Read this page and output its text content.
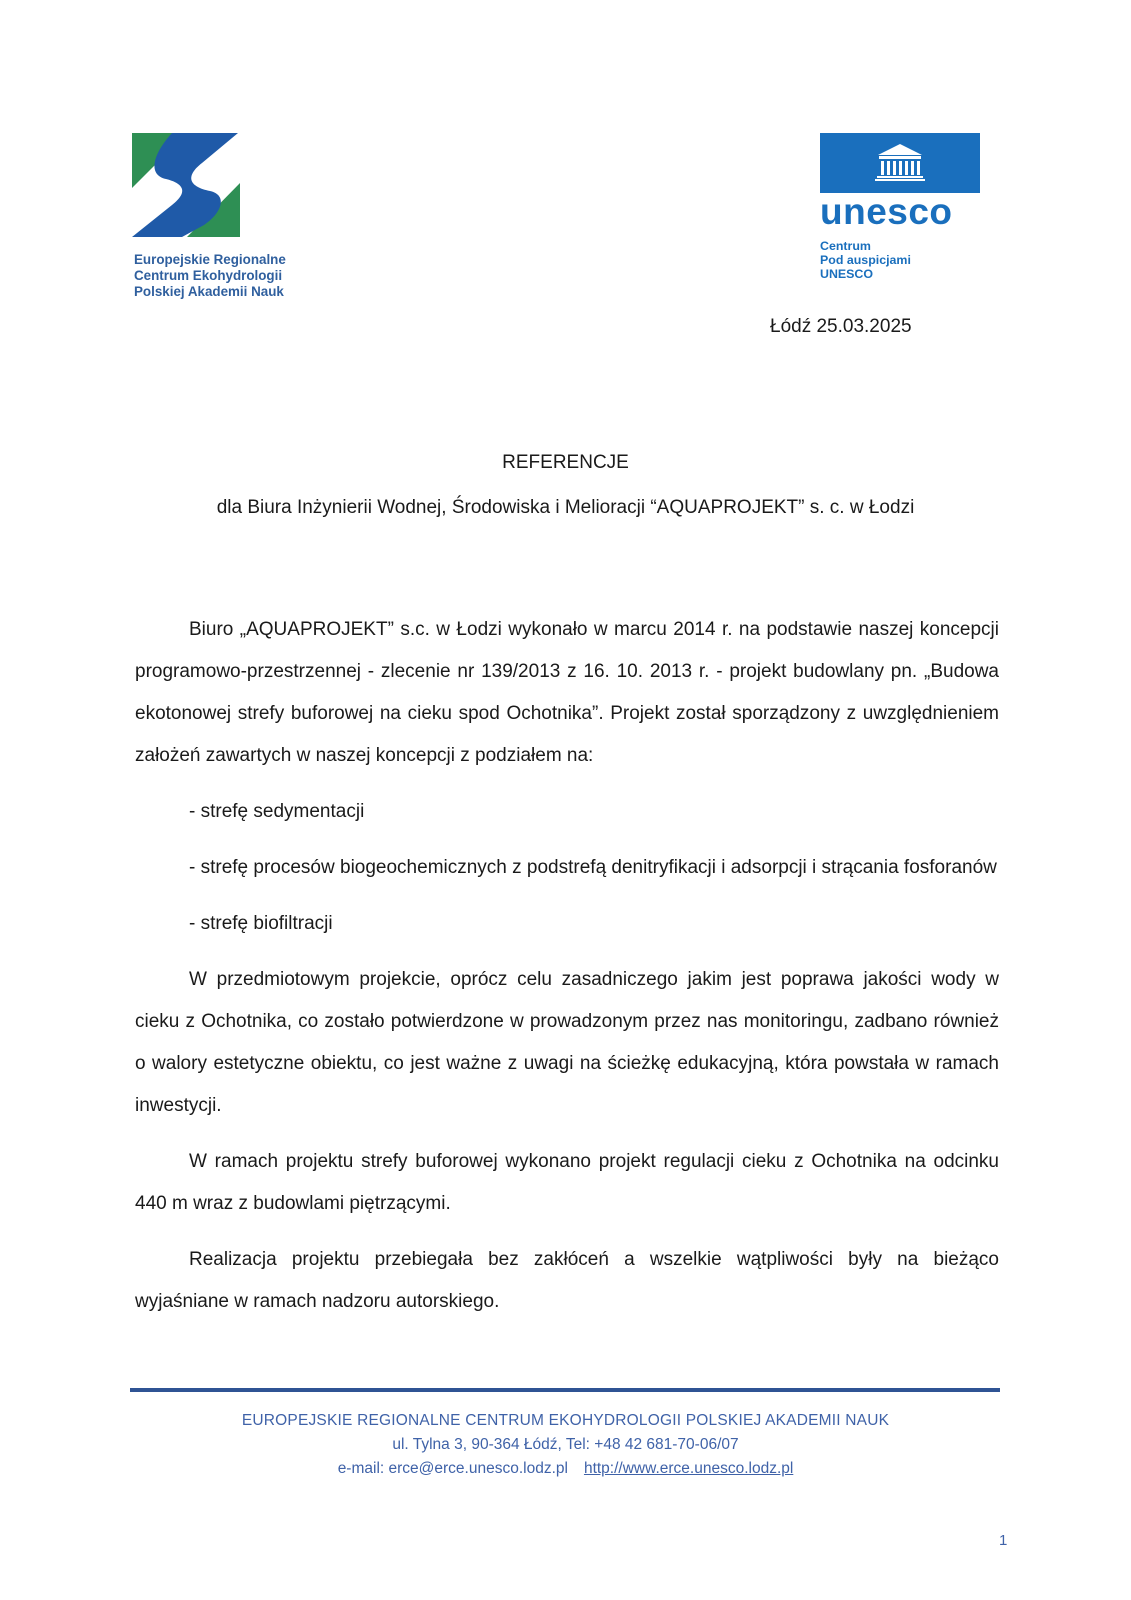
Europejskie Regionalne
Centrum Ekohydrologii
Polskiej Akademii Nauk
unesco
Centrum
Pod auspicjami
UNESCO
Łódź 25.03.2025
REFERENCJE
dla Biura Inżynierii Wodnej, Środowiska i Melioracji “AQUAPROJEKT” s. c. w Łodzi

Biuro „AQUAPROJEKT” s.c. w Łodzi wykonało w marcu 2014 r. na podstawie naszej koncepcji programowo-przestrzennej - zlecenie nr 139/2013 z 16. 10. 2013 r. - projekt budowlany pn. „Budowa ekotonowej strefy buforowej na cieku spod Ochotnika”. Projekt został sporządzony z uwzględnieniem założeń zawartych w naszej koncepcji z podziałem na:

- strefę sedymentacji

- strefę procesów biogeochemicznych z podstrefą denitryfikacji i adsorpcji i strącania fosforanów

- strefę biofiltracji

W przedmiotowym projekcie, oprócz celu zasadniczego jakim jest poprawa jakości wody w cieku z Ochotnika, co zostało potwierdzone w prowadzonym przez nas monitoringu, zadbano również o walory estetyczne obiektu, co jest ważne z uwagi na ścieżkę edukacyjną, która powstała w ramach inwestycji.

W ramach projektu strefy buforowej wykonano projekt regulacji cieku z Ochotnika na odcinku 440 m wraz z budowlami piętrzącymi.

Realizacja projektu przebiegała bez zakłóceń a wszelkie wątpliwości były na bieżąco wyjaśniane w ramach nadzoru autorskiego.

EUROPEJSKIE REGIONALNE CENTRUM EKOHYDROLOGII POLSKIEJ AKADEMII NAUK
ul. Tylna 3, 90-364 Łódź, Tel: +48 42 681-70-06/07
e-mail: erce@erce.unesco.lodz.pl http://www.erce.unesco.lodz.pl
1
